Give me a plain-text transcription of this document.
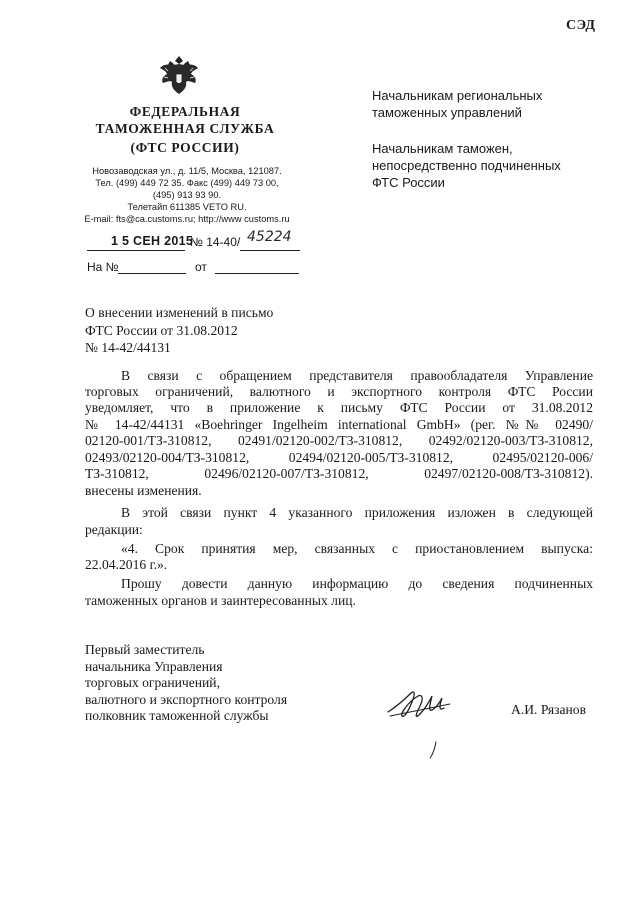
СЭД
ФЕДЕРАЛЬНАЯ
ТАМОЖЕННАЯ СЛУЖБА
(ФТС РОССИИ)
Новозаводская ул., д. 11/5, Москва, 121087.
Тел. (499) 449 72 35. Факс (499) 449 73 00,
(495) 913 93 90.
Телетайп 611385 VETO RU.
E-mail: fts@ca.customs.ru; http://www customs.ru
1 5 СЕН 2015
№ 14-40/ 45224
На №	от
Начальникам региональных
таможенных управлений
Начальникам таможен,
непосредственно подчиненных
ФТС России
О внесении изменений в письмо
ФТС России от 31.08.2012
№ 14-42/44131
В связи с обращением представителя правообладателя Управление
торговых ограничений, валютного и экспортного контроля ФТС России
уведомляет, что в приложение к письму ФТС России от 31.08.2012
№ 14-42/44131 «Boehringer Ingelheim international GmbH» (рег. №№ 02490/
02120-001/ТЗ-310812, 02491/02120-002/ТЗ-310812, 02492/02120-003/ТЗ-310812,
02493/02120-004/ТЗ-310812, 02494/02120-005/ТЗ-310812, 02495/02120-006/
ТЗ-310812, 02496/02120-007/ТЗ-310812, 02497/02120-008/ТЗ-310812).
внесены изменения.
В этой связи пункт 4 указанного приложения изложен в следующей
редакции:
«4. Срок принятия мер, связанных с приостановлением выпуска:
22.04.2016 г.».
Прошу довести данную информацию до сведения подчиненных
таможенных органов и заинтересованных лиц.
Первый заместитель
начальника Управления
торговых ограничений,
валютного и экспортного контроля
полковник таможенной службы	А.И. Рязанов
